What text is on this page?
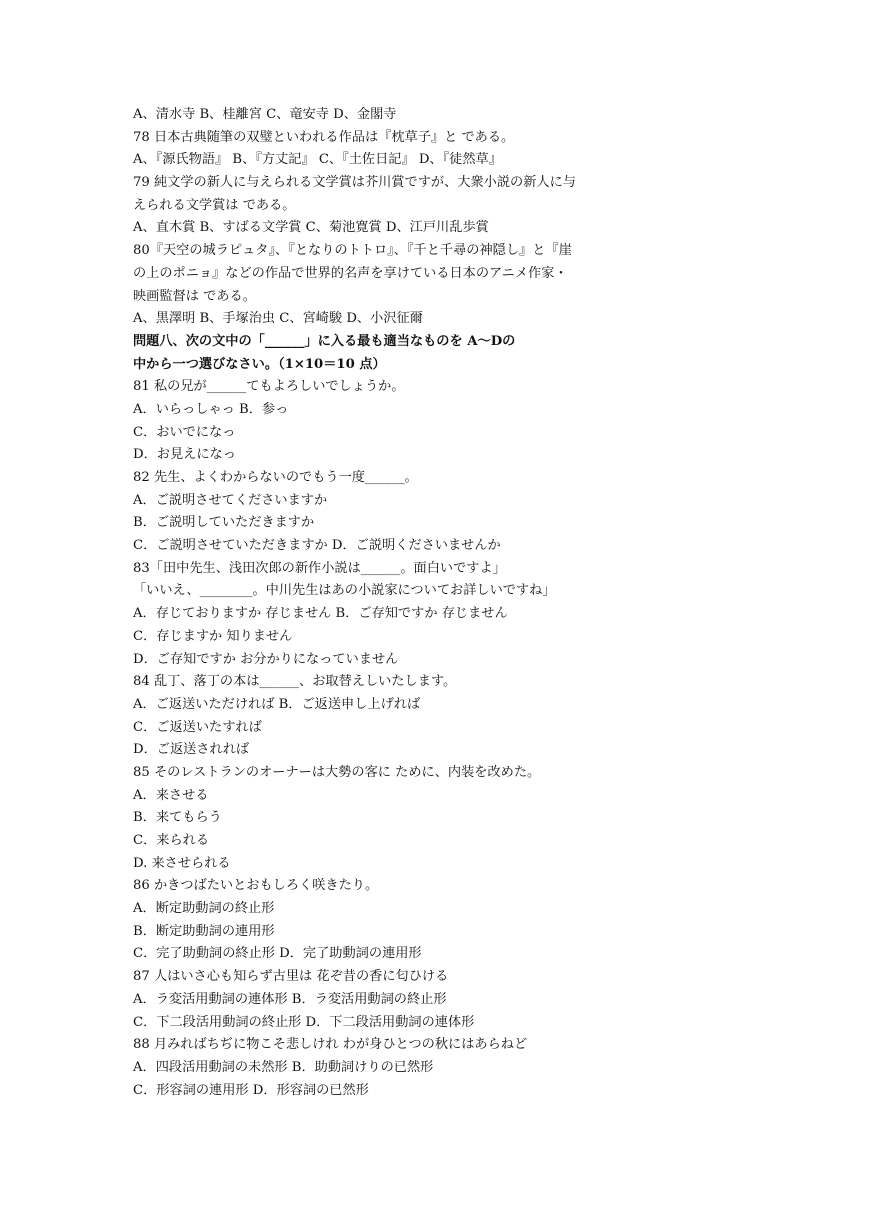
A、清水寺 B、桂離宮 C、竜安寺 D、金閣寺
78 日本古典随筆の双璧といわれる作品は『枕草子』と である。
A、『源氏物語』 B、『方丈記』 C、『土佐日記』 D、『徒然草』
79 純文学の新人に与えられる文学賞は芥川賞ですが、大衆小説の新人に与
えられる文学賞は である。
A、直木賞 B、すばる文学賞 C、菊池寛賞 D、江戸川乱歩賞
80『天空の城ラピュタ』、『となりのトトロ』、『千と千尋の神隠し』と『崖
の上のポニョ』などの作品で世界的名声を享けている日本のアニメ作家・
映画監督は である。
A、黒澤明 B、手塚治虫 C、宮崎駿 D、小沢征爾
問題八、次の文中の「______」に入る最も適当なものを A～Dの
中から一つ選びなさい。（1×10＝10 点）
81 私の兄が______てもよろしいでしょうか。
A．いらっしゃっ B．参っ
C．おいでになっ
D．お見えになっ
82 先生、よくわからないのでもう一度______。
A．ご説明させてくださいますか
B．ご説明していただきますか
C．ご説明させていただきますか D．ご説明くださいませんか
83「田中先生、浅田次郎の新作小説は______。面白いですよ」
「いいえ、________。中川先生はあの小説家についてお詳しいですね」
A．存じておりますか 存じません B．ご存知ですか 存じません
C．存じますか 知りません
D．ご存知ですか お分かりになっていません
84 乱丁、落丁の本は______、お取替えしいたします。
A．ご返送いただければ B．ご返送申し上げれば
C．ご返送いたすれば
D．ご返送されれば
85 そのレストランのオーナーは大勢の客に ために、内装を改めた。
A．来させる
B．来てもらう
C．来られる
D. 来させられる
86 かきつばたいとおもしろく咲きたり。
A．断定助動詞の終止形
B．断定助動詞の連用形
C．完了助動詞の終止形 D．完了助動詞の連用形
87 人はいさ心も知らず古里は 花ぞ昔の香に匂ひける
A．ラ変活用動詞の連体形 B．ラ変活用動詞の終止形
C．下二段活用動詞の終止形 D．下二段活用動詞の連体形
88 月みればちぢに物こそ悲しけれ わが身ひとつの秋にはあらねど
A．四段活用動詞の未然形 B．助動詞けりの已然形
C．形容詞の連用形 D．形容詞の已然形
